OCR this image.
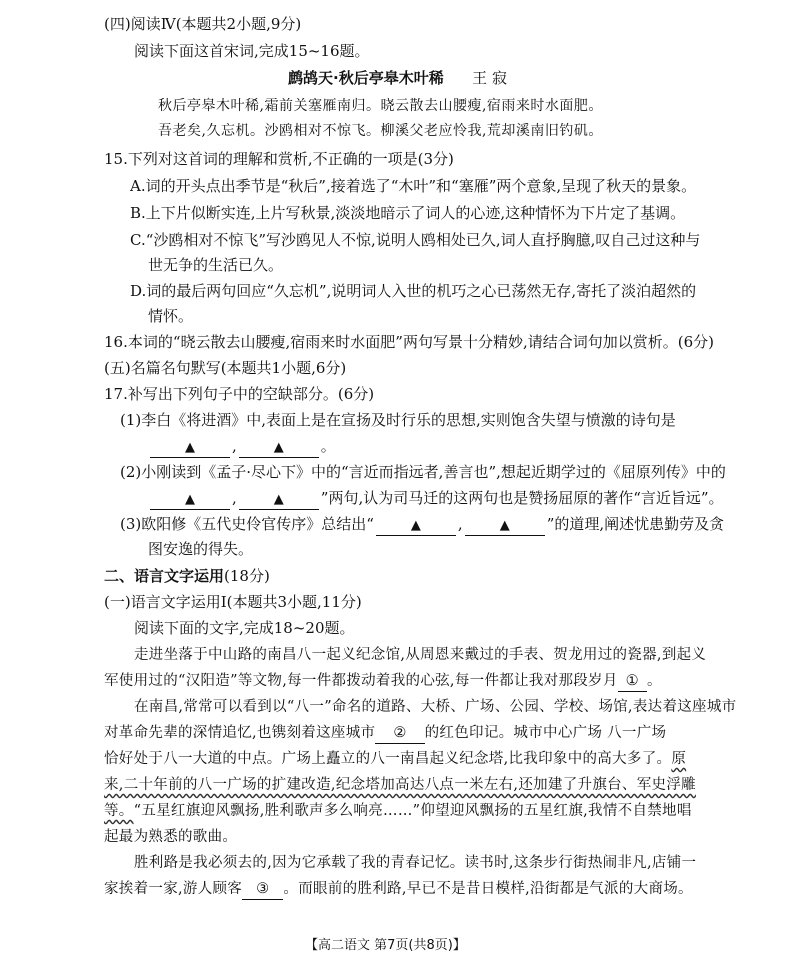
(四)阅读Ⅳ(本题共2小题,9分)
阅读下面这首宋词,完成15~16题。
鹧鸪天·秋后亭皋木叶稀 王 寂
秋后亭皋木叶稀,霜前关塞雁南归。晓云散去山腰瘦,宿雨来时水面肥。
吾老矣,久忘机。沙鸥相对不惊飞。柳溪父老应怜我,荒却溪南旧钓矶。
15.下列对这首词的理解和赏析,不正确的一项是(3分)
A.词的开头点出季节是“秋后”,接着选了“木叶”和“塞雁”两个意象,呈现了秋天的景象。
B.上下片似断实连,上片写秋景,淡淡地暗示了词人的心迹,这种情怀为下片定了基调。
C.“沙鸥相对不惊飞”写沙鸥见人不惊,说明人鸥相处已久,词人直抒胸臆,叹自己过这种与
世无争的生活已久。
D.词的最后两句回应“久忘机”,说明词人入世的机巧之心已荡然无存,寄托了淡泊超然的
情怀。
16.本词的“晓云散去山腰瘦,宿雨来时水面肥”两句写景十分精妙,请结合词句加以赏析。(6分)
(五)名篇名句默写(本题共1小题,6分)
17.补写出下列句子中的空缺部分。(6分)
(1)李白《将进酒》中,表面上是在宣扬及时行乐的思想,实则饱含失望与愤激的诗句是
▲ ,	▲ 。
(2)小刚读到《孟子·尽心下》中的“言近而指远者,善言也”,想起近期学过的《屈原列传》中的
▲ ,	▲ ”两句,认为司马迁的这两句也是赞扬屈原的著作“言近旨远”。
(3)欧阳修《五代史伶官传序》总结出“	▲ ,	▲ ”的道理,阐述忧患勤劳及贪
图安逸的得失。
二、语言文字运用(18分)
(一)语言文字运用Ⅰ(本题共3小题,11分)
阅读下面的文字,完成18~20题。
走进坐落于中山路的南昌八一起义纪念馆,从周恩来戴过的手表、贺龙用过的瓷器,到起义
军使用过的“汉阳造”等文物,每一件都拨动着我的心弦,每一件都让我对那段岁月 ① 。
在南昌,常常可以看到以“八一”命名的道路、大桥、广场、公园、学校、场馆,表达着这座城市
对革命先辈的深情追忆,也镌刻着这座城市 ② 的红色印记。城市中心广场 八一广场
恰好处于八一大道的中点。广场上矗立的八一南昌起义纪念塔,比我印象中的高大多了。原
来,二十年前的八一广场的扩建改造,纪念塔加高达八点一米左右,还加建了升旗台、军史浮雕
等。“五星红旗迎风飘扬,胜利歌声多么响亮……”仰望迎风飘扬的五星红旗,我情不自禁地唱
起最为熟悉的歌曲。
胜利路是我必须去的,因为它承载了我的青春记忆。读书时,这条步行街热闹非凡,店铺一
家挨着一家,游人顾客 ③ 。而眼前的胜利路,早已不是昔日模样,沿街都是气派的大商场。
【高二语文 第7页(共8页)】
